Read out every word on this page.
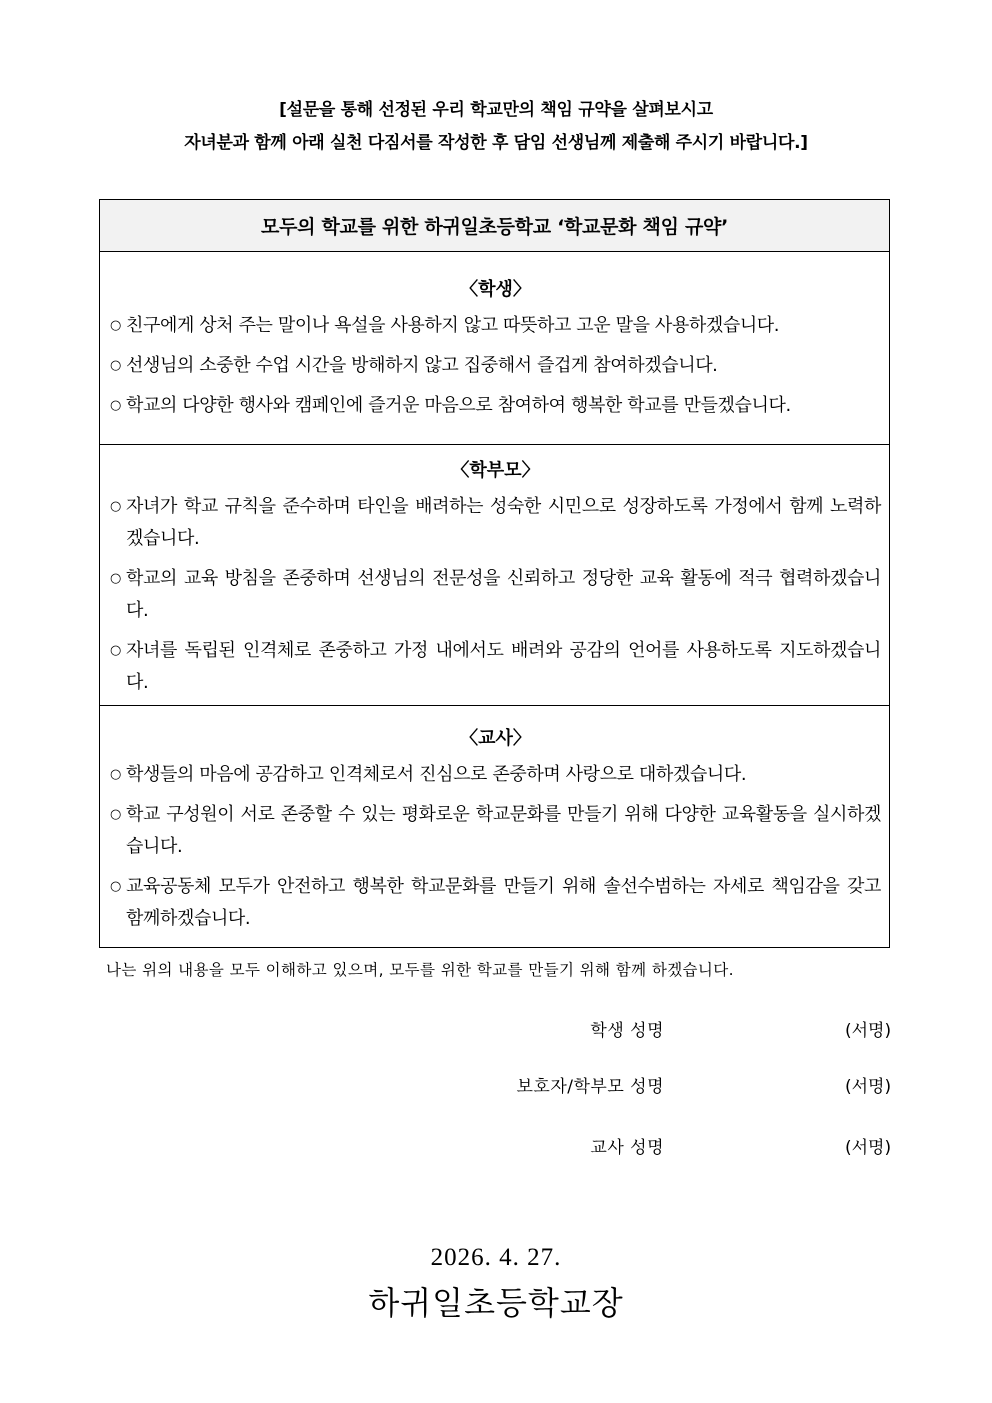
[설문을 통해 선정된 우리 학교만의 책임 규약을 살펴보시고
자녀분과 함께 아래 실천 다짐서를 작성한 후 담임 선생님께 제출해 주시기 바랍니다.]
모두의 학교를 위한 하귀일초등학교 ‘학교문화 책임 규약’
〈학생〉
○ 친구에게 상처 주는 말이나 욕설을 사용하지 않고 따뜻하고 고운 말을 사용하겠습니다.
○ 선생님의 소중한 수업 시간을 방해하지 않고 집중해서 즐겁게 참여하겠습니다.
○ 학교의 다양한 행사와 캠페인에 즐거운 마음으로 참여하여 행복한 학교를 만들겠습니다.
〈학부모〉
○ 자녀가 학교 규칙을 준수하며 타인을 배려하는 성숙한 시민으로 성장하도록 가정에서 함께 노력하겠습니다.
○ 학교의 교육 방침을 존중하며 선생님의 전문성을 신뢰하고 정당한 교육 활동에 적극 협력하겠습니다.
○ 자녀를 독립된 인격체로 존중하고 가정 내에서도 배려와 공감의 언어를 사용하도록 지도하겠습니다.
〈교사〉
○ 학생들의 마음에 공감하고 인격체로서 진심으로 존중하며 사랑으로 대하겠습니다.
○ 학교 구성원이 서로 존중할 수 있는 평화로운 학교문화를 만들기 위해 다양한 교육활동을 실시하겠습니다.
○ 교육공동체 모두가 안전하고 행복한 학교문화를 만들기 위해 솔선수범하는 자세로 책임감을 갖고 함께하겠습니다.
나는 위의 내용을 모두 이해하고 있으며, 모두를 위한 학교를 만들기 위해 함께 하겠습니다.
학생 성명	(서명)
보호자/학부모 성명	(서명)
교사 성명	(서명)
2026. 4. 27.
하귀일초등학교장
